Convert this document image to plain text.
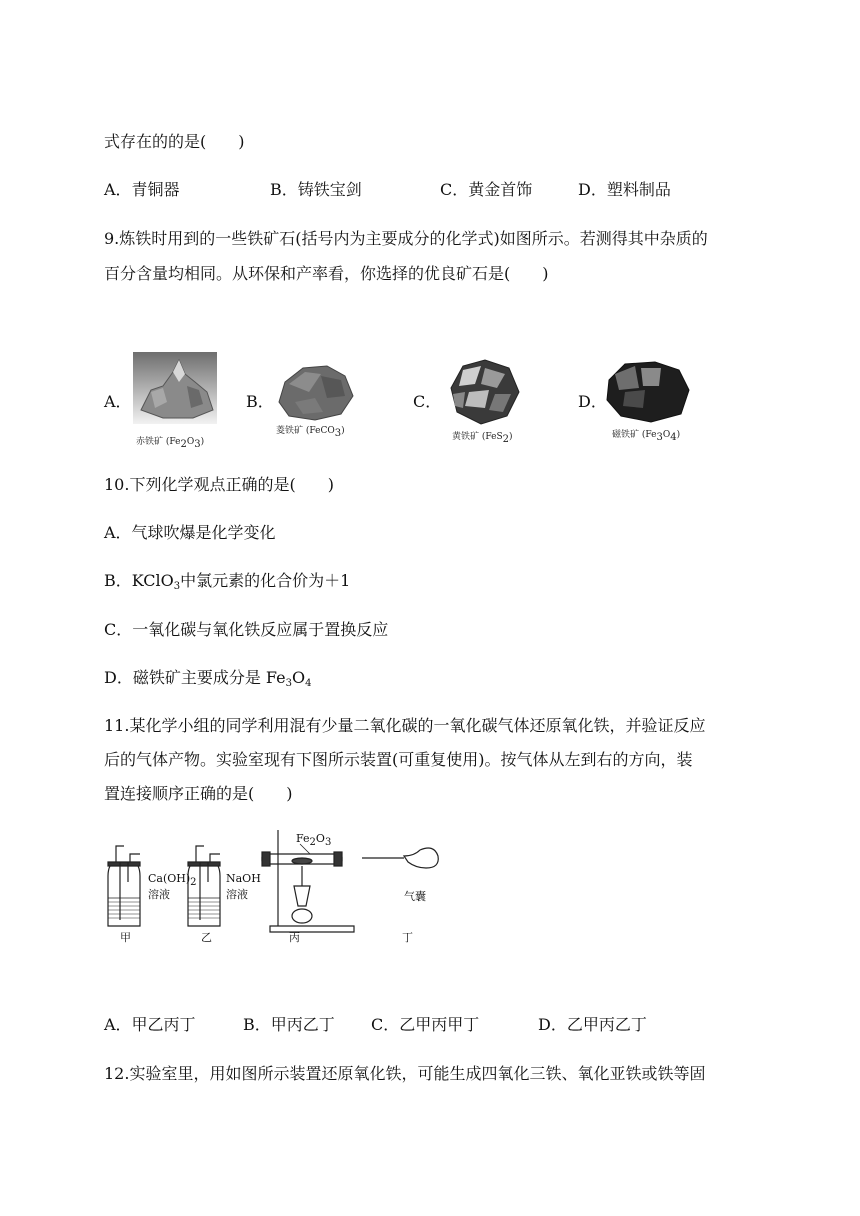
式存在的的是(　　)
A．青铜器	B．铸铁宝剑	C．黄金首饰	D．塑料制品
9.炼铁时用到的一些铁矿石(括号内为主要成分的化学式)如图所示。若测得其中杂质的
百分含量均相同。从环保和产率看，你选择的优良矿石是(　　)
A．
赤铁矿 $(Fe_2O_3)$
B．
菱铁矿 (FeCO$_3$)
C．
黄铁矿 (FeS$_2$)
D．
磁铁矿 $(Fe_3O_4)$
10.下列化学观点正确的是(　　)
A．气球吹爆是化学变化
B．KClO$_3$中氯元素的化合价为＋1
C．一氧化碳与氧化铁反应属于置换反应
D．磁铁矿主要成分是 $Fe_3O_4$
11.某化学小组的同学利用混有少量二氧化碳的一氧化碳气体还原氧化铁，并验证反应
后的气体产物。实验室现有下图所示装置(可重复使用)。按气体从左到右的方向，装
置连接顺序正确的是(　　)
$Ca(OH)_2$
溶液
NaOH
溶液
$Fe_2O_3$
气囊
甲	乙	丙	丁
A．甲乙丙丁	B．甲丙乙丁 C．乙甲丙甲丁	D．乙甲丙乙丁
12.实验室里，用如图所示装置还原氧化铁，可能生成四氧化三铁、氧化亚铁或铁等固
